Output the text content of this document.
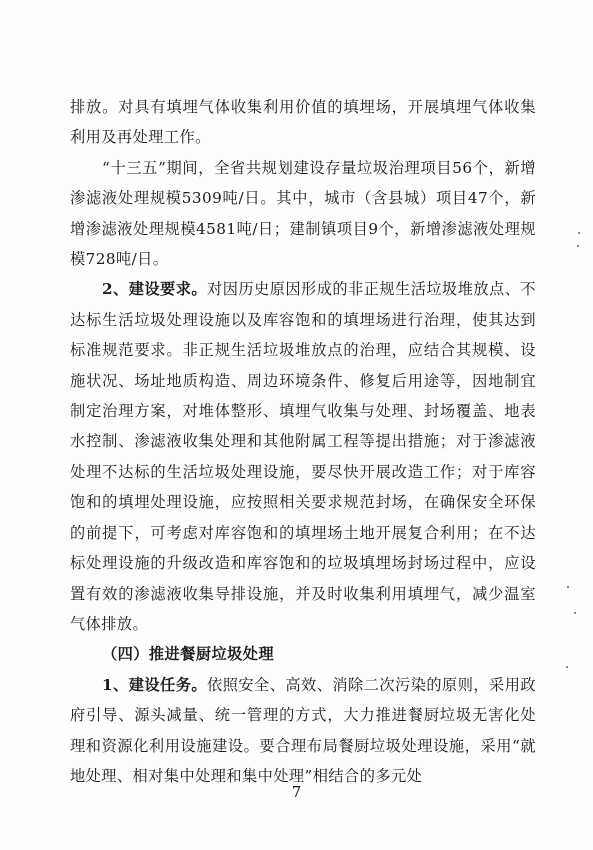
排放。对具有填埋气体收集利用价值的填埋场，开展填埋气体收集利用及再处理工作。

“十三五”期间，全省共规划建设存量垃圾治理项目56个，新增渗滤液处理规模5309吨/日。其中，城市（含县城）项目47个，新增渗滤液处理规模4581吨/日；建制镇项目9个，新增渗滤液处理规模728吨/日。

2、建设要求。对因历史原因形成的非正规生活垃圾堆放点、不达标生活垃圾处理设施以及库容饱和的填埋场进行治理，使其达到标准规范要求。非正规生活垃圾堆放点的治理，应结合其规模、设施状况、场址地质构造、周边环境条件、修复后用途等，因地制宜制定治理方案，对堆体整形、填埋气收集与处理、封场覆盖、地表水控制、渗滤液收集处理和其他附属工程等提出措施；对于渗滤液处理不达标的生活垃圾处理设施，要尽快开展改造工作；对于库容饱和的填埋处理设施，应按照相关要求规范封场，在确保安全环保的前提下，可考虑对库容饱和的填埋场土地开展复合利用；在不达标处理设施的升级改造和库容饱和的垃圾填埋场封场过程中，应设置有效的渗滤液收集导排设施，并及时收集利用填埋气，减少温室气体排放。

（四）推进餐厨垃圾处理

1、建设任务。依照安全、高效、消除二次污染的原则，采用政府引导、源头减量、统一管理的方式，大力推进餐厨垃圾无害化处理和资源化利用设施建设。要合理布局餐厨垃圾处理设施，采用“就地处理、相对集中处理和集中处理”相结合的多元处

7
